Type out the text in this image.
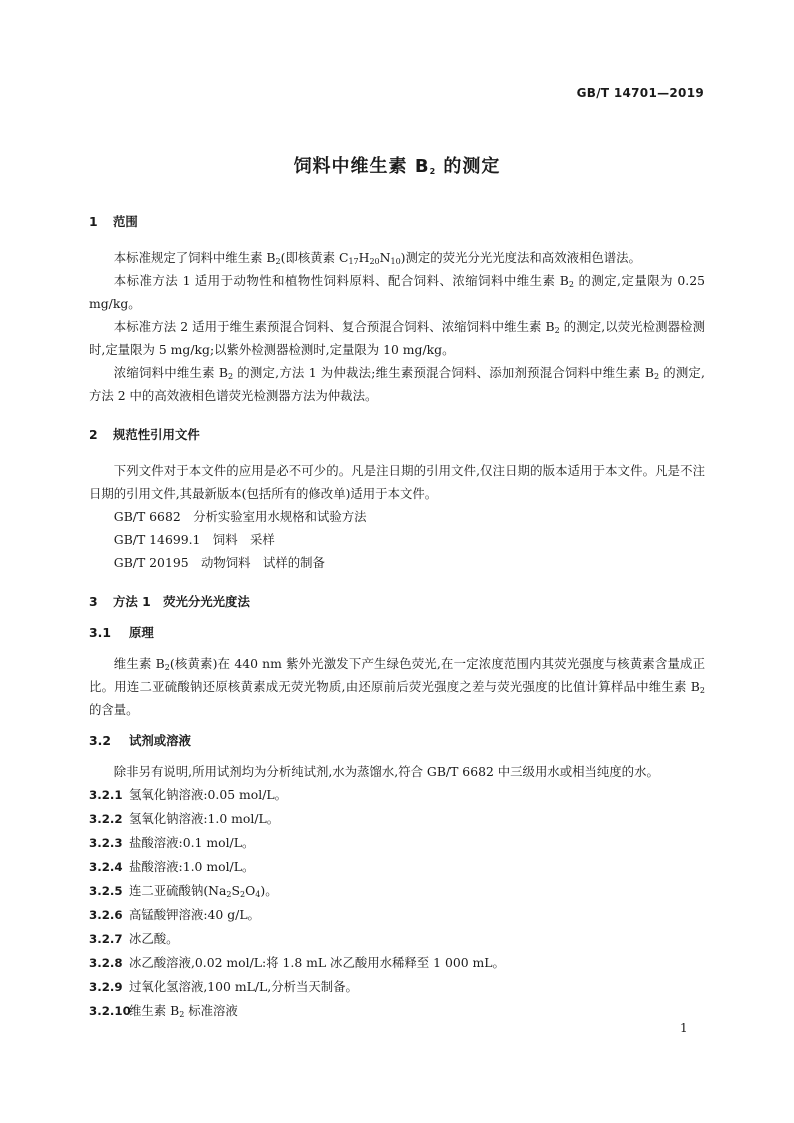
GB/T 14701—2019
饲料中维生素 $B_2$ 的测定

1 范围

本标准规定了饲料中维生素 $B_2$(即核黄素 $C_{17}H_{20}N_{10}$)测定的荧光分光光度法和高效液相色谱法。

本标准方法 1 适用于动物性和植物性饲料原料、配合饲料、浓缩饲料中维生素 $B_2$ 的测定,定量限为 0.25 mg/kg。

本标准方法 2 适用于维生素预混合饲料、复合预混合饲料、浓缩饲料中维生素 $B_2$ 的测定,以荧光检测器检测时,定量限为 5 mg/kg;以紫外检测器检测时,定量限为 10 mg/kg。

浓缩饲料中维生素 $B_2$ 的测定,方法 1 为仲裁法;维生素预混合饲料、添加剂预混合饲料中维生素 $B_2$ 的测定,方法 2 中的高效液相色谱荧光检测器方法为仲裁法。

2 规范性引用文件

下列文件对于本文件的应用是必不可少的。凡是注日期的引用文件,仅注日期的版本适用于本文件。凡是不注日期的引用文件,其最新版本(包括所有的修改单)适用于本文件。

GB/T 6682　分析实验室用水规格和试验方法

GB/T 14699.1　饲料　采样

GB/T 20195　动物饲料　试样的制备

3 方法 1　荧光分光光度法

3.1 原理

维生素 $B_2$(核黄素)在 440 nm 紫外光激发下产生绿色荧光,在一定浓度范围内其荧光强度与核黄素含量成正比。用连二亚硫酸钠还原核黄素成无荧光物质,由还原前后荧光强度之差与荧光强度的比值计算样品中维生素 $B_2$ 的含量。

3.2 试剂或溶液

除非另有说明,所用试剂均为分析纯试剂,水为蒸馏水,符合 GB/T 6682 中三级用水或相当纯度的水。

3.2.1 氢氧化钠溶液:0.05 mol/L。

3.2.2 氢氧化钠溶液:1.0 mol/L。

3.2.3 盐酸溶液:0.1 mol/L。

3.2.4 盐酸溶液:1.0 mol/L。

3.2.5 连二亚硫酸钠$(Na_2S_2O_4)$。

3.2.6 高锰酸钾溶液:40 g/L。

3.2.7 冰乙酸。

3.2.8 冰乙酸溶液,0.02 mol/L:将 1.8 mL 冰乙酸用水稀释至 1 000 mL。

3.2.9 过氧化氢溶液,100 mL/L,分析当天制备。

3.2.10维生素 $B_2$ 标准溶液

1
